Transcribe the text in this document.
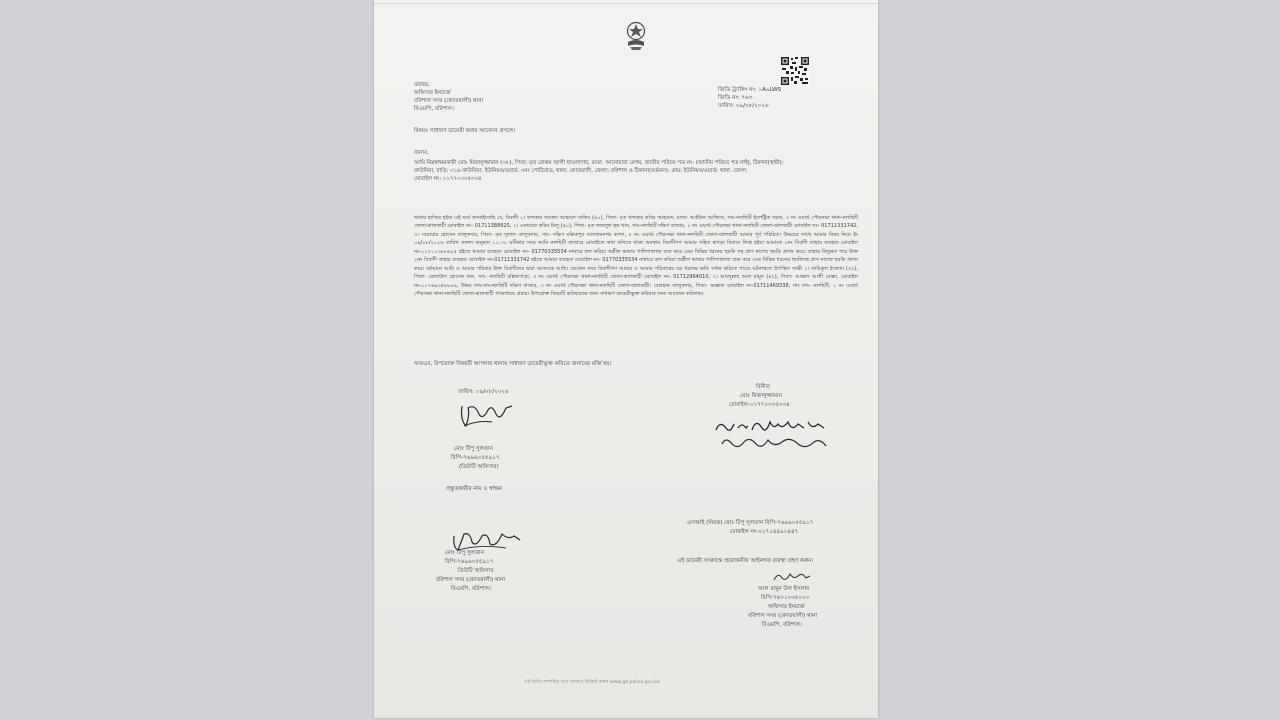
বরাবর,
অফিসার ইনচার্জ
বরিশাল সদর (কোতয়ালী) থানা
বিএমপি, বরিশাল।
জিডি ট্র্যাকিং নং: ১A৯LWS
জিডি নং: ৭৬৩
তারিখ: ০৯/০৮/২০২৬
বিষয়ঃ সাধারণ ডায়েরী করার আবেদন প্রসঙ্গে।
জনাব,

আমি নিম্নস্বাক্ষরকারী মোঃ মিজানুজ্জামান (৩৮), পিতা: মৃত রোস্তম আলী হাওলাদার, মাতা: আনোয়ারা বেগম, জাতীয় পরিচয় পত্র নং: (জাতীয় পরিচয় পত্র নাই), ঠিকানা(স্থায়ী):

কাউনিয়া, বাড়ি: ৩১৬ কাউনিয়া, ইউনিয়ন/ওয়ার্ড: ৩নং পোর্টরোড, থানা: কোতয়ালী, জেলা: বরিশাল ও ঠিকানা(বর্তমান): গ্রাম: ইউনিয়ন/ওয়ার্ড: থানা: জেলা:

মোবাইল নং: ০১৭৭০৩৩৫৩৩৪

থানায় হাজির হইয়া এই মর্মে জানাইতেছি যে, বিবাদী ১। খন্দকার সাজেদ আহমেদ সাকিব (৪০), পিতা- মৃত খন্দকার কবির আহমেদ, মাতা- আইরিন আজিজ, সাং-নলছিটি ইলেক্ট্রিক সড়ক, ৩ নং ওয়ার্ড পৌরসভা থানা-নলছিটি জেলা-ঝালকাঠী মোবাইল নং- 01711388625, ২। এনায়েত করিম মিলু (৫০), পিতা- মৃত ফজলুল হক খান, সাং-নলছিটি দক্ষিণ বাজার, ১ নং ওয়ার্ড পৌরসভা থানা-নলছিটি জেলা-ঝালকাঠী মোবাইল নং- 01711331742, ৩। সরোয়ার হোসেন তালুকদার, পিতা- মৃত দুলাল তালুকদার, সাং- দক্ষিণ মল্লিকপুর আলকরনগর কান্দা, ৫ নং ওয়ার্ড পৌরসভা থানা-নলছিটি জেলা-ঝালকাঠী আমার পূর্ব পরিচিত। উভয়ের সাথে আমার বিষয় নিয়ে ইং ০৯/০৮/২০২৬ তারিখ সকাল অনুমান ১১:৩০ ঘটিকার সময় আমি নলছিটি বাজারে মোবাইলে কথা বলিতে থাকা অবস্থায় বিবাদীগণ আমার সহিত ঝগড়া বিবাদে লিপ্ত হইয়া আমাকে ১নং বিবাদী তাহার ব্যবহৃত মোবাইল নং-০১৭১১৩৮৮৬২৫ হইতে আমার ব্যবহৃত মোবাইল নং- 01770335534 নাম্বারে কল করিয়া অশ্লীল ভাষায় গালিগালাজ শুরু করে এবং বিভিন্ন ধরনের হুমকি সহ প্রাণ নাশের হুমকি প্রদান করে। তাহার কিছুক্ষণ পরে উক্ত ২নং বিবাদী তাহার ব্যবহৃত মোবাইল নং-01711331742 হইতে আমার ব্যবহৃত মোবাইল নং- 01770335534 নাম্বারে কল করিয়া অশ্লীল ভাষায় গালিগালাজ শুরু করে এবং বিভিন্ন ধরনের হুমকিসহ প্রাণ নাশের হুমকি প্রদান করে। বর্তমানে আমি ও আমার পরিবার উক্ত বিবাদীদের দ্বারা আতংকে আছি। যেকোন সময় বিবাদীগণ আমার ও আমার পরিবারের বড় ধরনের ক্ষতি সাধন করিতে পারে। ঘটনাস্থলে উপস্থিত সাক্ষী ১। তারিকুল ইসলাম (৩২), পিতা- রেজাউল হোসেন খান, সাং- নলছিটি মল্লিকপাড়া, ৩ নং ওয়ার্ড পৌরসভা থানা-নলছিটি জেলা-ঝালকাঠী মোবাইল নং- 01712964010, ২। আবদুল্লাহ আল মামুন (৪২), পিতা- আক্কাস আলী মোল্লা, মোবাইল নং-০১৭৬৯৩৫৮৮৮৯, উভয় সাং-সাং-নলছিটি দক্ষিণ বাজার, ৩ নং ওয়ার্ড পৌরসভা থানা-নলছিটি জেলা-ঝালকাঠী। বোরহান তালুকদার, পিতা- অজ্ঞাত মোবাইল নং-01711469338, সাং সাং- নলছিটি, ১ নং ওয়ার্ড পৌরসভা থানা-নলছিটি জেলা-ঝালকাঠী গণমাধ্যমে প্রচার। উপরোক্ত বিষয়টি ভবিষ্যতের জন্য সাধারণ ডায়েরীভুক্ত করিবার জন্য আবেদন করিলাম।

অতএব, উপরোক্ত বিষয়টি আপনার থানায় সাধারণ ডায়েরীভুক্ত করিতে জনাবের মর্জি হয়।
তারিখ: ০৯/০৮/২০২৬
বিনীত
মোঃ মিজানুজ্জামান
মোবাইল-০১৭৭০৩৩৫৩৩৪
মোঃ টিপু সুলতান
বিপি-৭৬৯৬০৫৫৯১৭
(ডিউটি অফিসার)
প্রস্তুতকারীর নাম ও স্বাক্ষর
এসআই (নিরস্ত্র) মোঃ টিপু সুলতান বিপি-৭৬৯৬০৫৫৯১৭
মোবাইল নং-০১৭১৪৪৯০৪৪৭
মোঃ টিপু সুলতান
বিপি-৭৬৯৬০৫৫৯১৭
ডিউটি অফিসার
বরিশাল সদর (কোতয়ালী) থানা
বিএমপি, বরিশাল।
এই ডায়েরী সংক্রান্তে প্রয়োজনীয় আইনগত ব্যবস্থা গ্রহণ করুন।
আল মামুন উল ইসলাম
বিপি-৭৪০১০৩৫০০০
অফিসার ইনচার্জ
বরিশাল সদর (কোতয়ালী) থানা
বিএমপি, বরিশাল।
এই জিডি সম্পর্কিত তথ্য জানতে ভিজিট করুন www.gd.police.gov.bd
